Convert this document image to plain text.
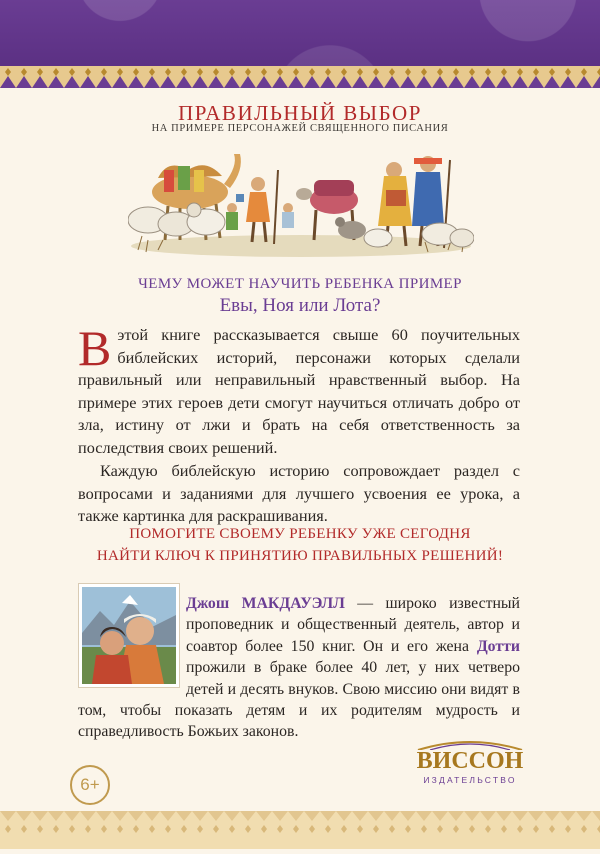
ПРАВИЛЬНЫЙ ВЫБОР
НА ПРИМЕРЕ ПЕРСОНАЖЕЙ СВЯЩЕННОГО ПИСАНИЯ
ЧЕМУ МОЖЕТ НАУЧИТЬ РЕБЕНКА ПРИМЕР
Евы, Ноя или Лота?

Вэтой книге рассказывается свыше 60 поучительных библейских историй, персонажи которых сделали правильный или неправильный нравственный выбор. На примере этих героев дети смогут научиться отличать добро от зла, истину от лжи и брать на себя ответственность за последствия своих решений.

Каждую библейскую историю сопровождает раздел с вопросами и заданиями для лучшего усвоения ее урока, а также картинка для раскрашивания.

ПОМОГИТЕ СВОЕМУ РЕБЕНКУ УЖЕ СЕГОДНЯ
НАЙТИ КЛЮЧ К ПРИНЯТИЮ ПРАВИЛЬНЫХ РЕШЕНИЙ!
Джош МАКДАУЭЛЛ — широко известный проповедник и общественный деятель, автор и соавтор более 150 книг. Он и его жена Дотти прожили в браке более 40 лет, у них четверо детей и десять внуков. Свою миссию они видят в том, чтобы показать детям и их родителям мудрость и справедливость Божьих законов.
6+
ВИССОН
ИЗДАТЕЛЬСТВО
